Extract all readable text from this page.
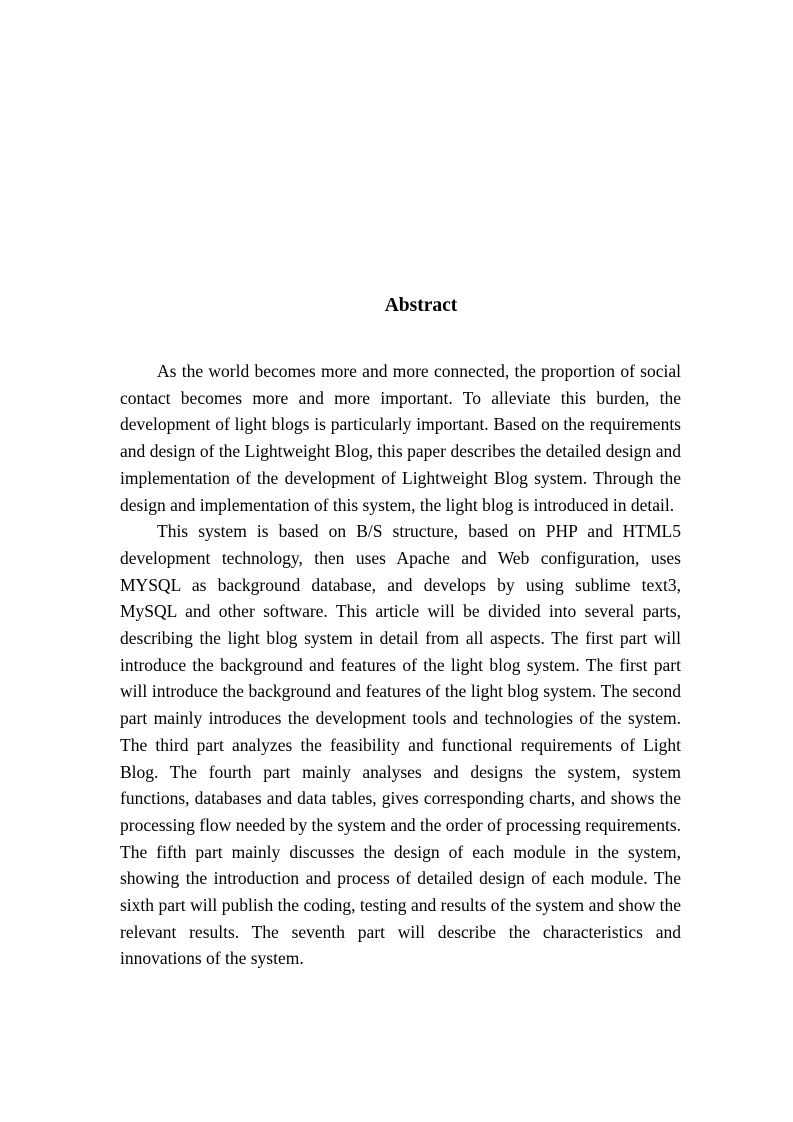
Abstract

As the world becomes more and more connected, the proportion of social contact becomes more and more important. To alleviate this burden, the development of light blogs is particularly important. Based on the requirements and design of the Lightweight Blog, this paper describes the detailed design and implementation of the development of Lightweight Blog system. Through the design and implementation of this system, the light blog is introduced in detail.

This system is based on B/S structure, based on PHP and HTML5 development technology, then uses Apache and Web configuration, uses MYSQL as background database, and develops by using sublime text3, MySQL and other software. This article will be divided into several parts, describing the light blog system in detail from all aspects. The first part will introduce the background and features of the light blog system. The first part will introduce the background and features of the light blog system. The second part mainly introduces the development tools and technologies of the system. The third part analyzes the feasibility and functional requirements of Light Blog. The fourth part mainly analyses and designs the system, system functions, databases and data tables, gives corresponding charts, and shows the processing flow needed by the system and the order of processing requirements. The fifth part mainly discusses the design of each module in the system, showing the introduction and process of detailed design of each module. The sixth part will publish the coding, testing and results of the system and show the relevant results. The seventh part will describe the characteristics and innovations of the system.
